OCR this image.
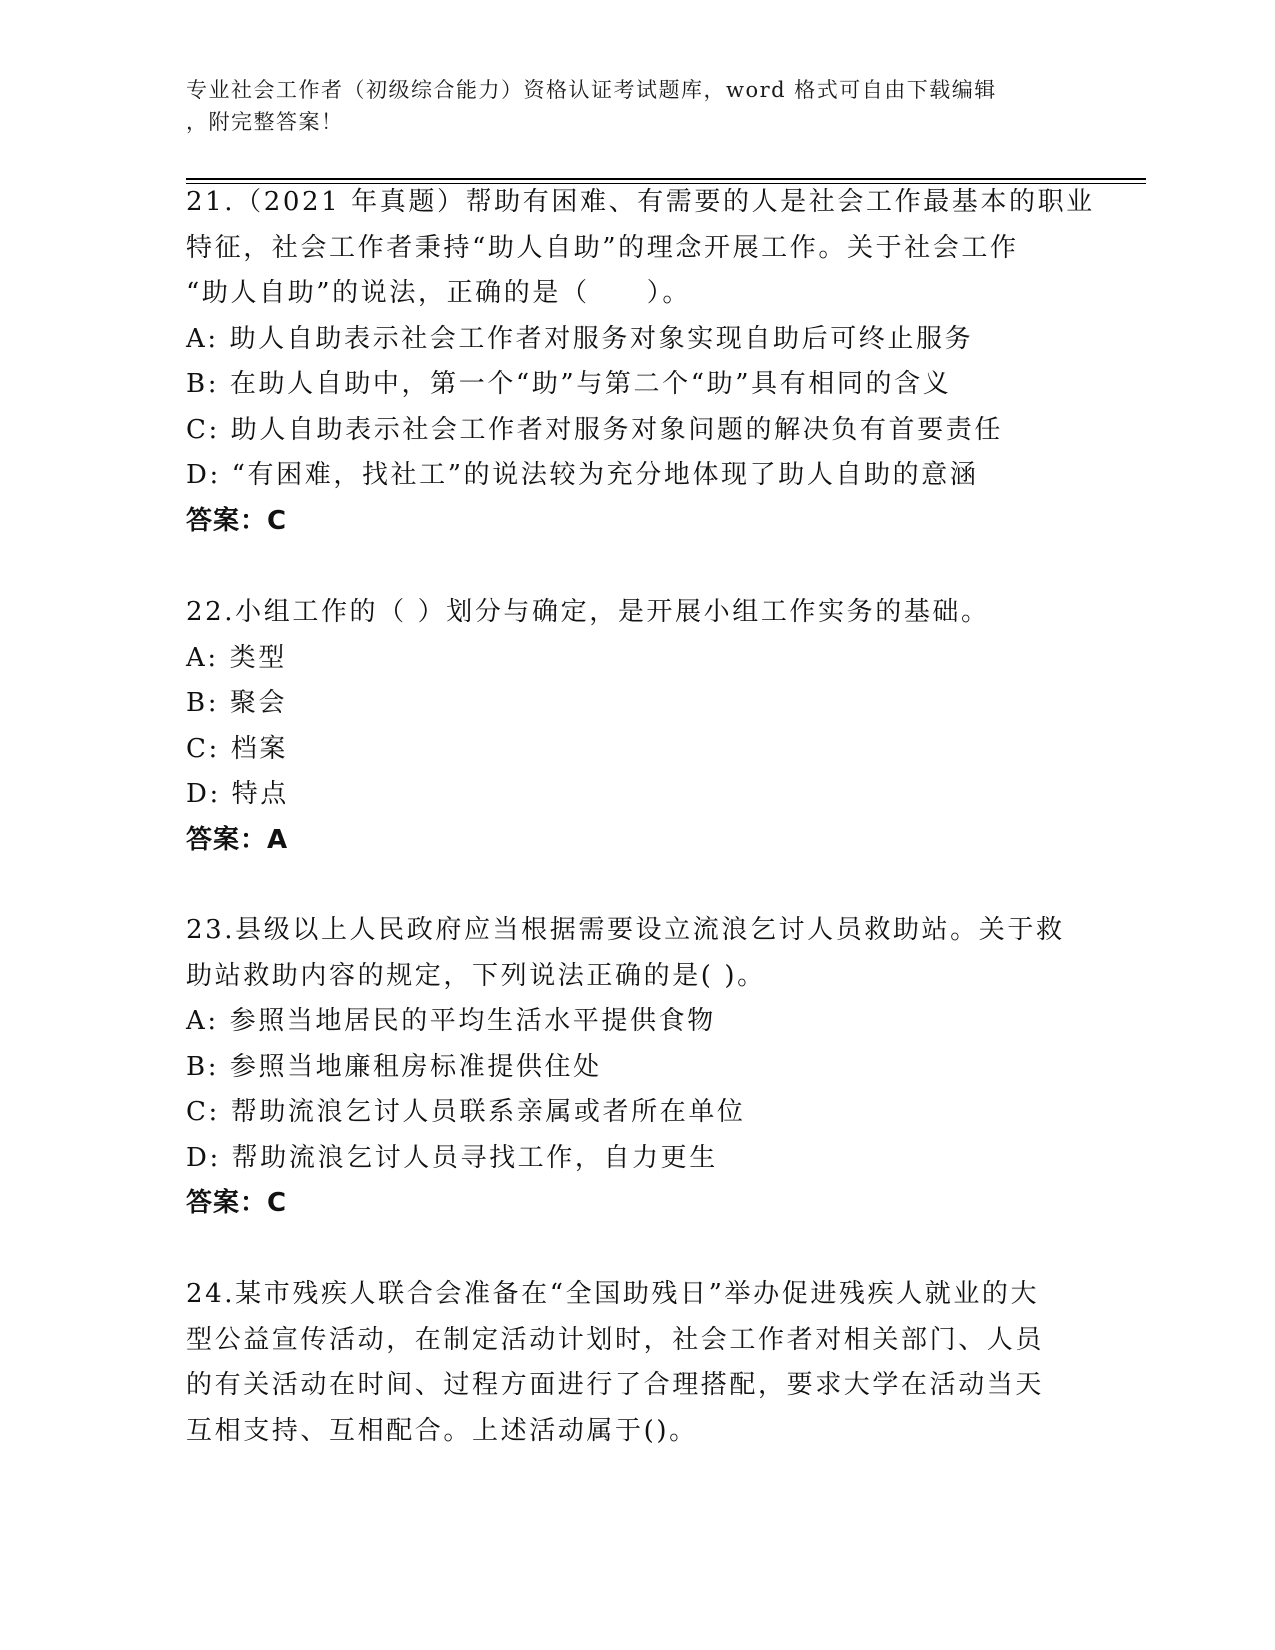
专业社会工作者（初级综合能力）资格认证考试题库，word 格式可自由下载编辑

，附完整答案！

21.（2021 年真题）帮助有困难、有需要的人是社会工作最基本的职业

特征，社会工作者秉持“助人自助”的理念开展工作。关于社会工作

“助人自助”的说法，正确的是（　　）。

A: 助人自助表示社会工作者对服务对象实现自助后可终止服务

B: 在助人自助中，第一个“助”与第二个“助”具有相同的含义

C: 助人自助表示社会工作者对服务对象问题的解决负有首要责任

D: “有困难，找社工”的说法较为充分地体现了助人自助的意涵

答案：C

22.小组工作的（ ）划分与确定，是开展小组工作实务的基础。

A: 类型

B: 聚会

C: 档案

D: 特点

答案：A

23.县级以上人民政府应当根据需要设立流浪乞讨人员救助站。关于救

助站救助内容的规定，下列说法正确的是( )。

A: 参照当地居民的平均生活水平提供食物

B: 参照当地廉租房标准提供住处

C: 帮助流浪乞讨人员联系亲属或者所在单位

D: 帮助流浪乞讨人员寻找工作，自力更生

答案：C

24.某市残疾人联合会准备在“全国助残日”举办促进残疾人就业的大

型公益宣传活动，在制定活动计划时，社会工作者对相关部门、人员

的有关活动在时间、过程方面进行了合理搭配，要求大学在活动当天

互相支持、互相配合。上述活动属于()。
